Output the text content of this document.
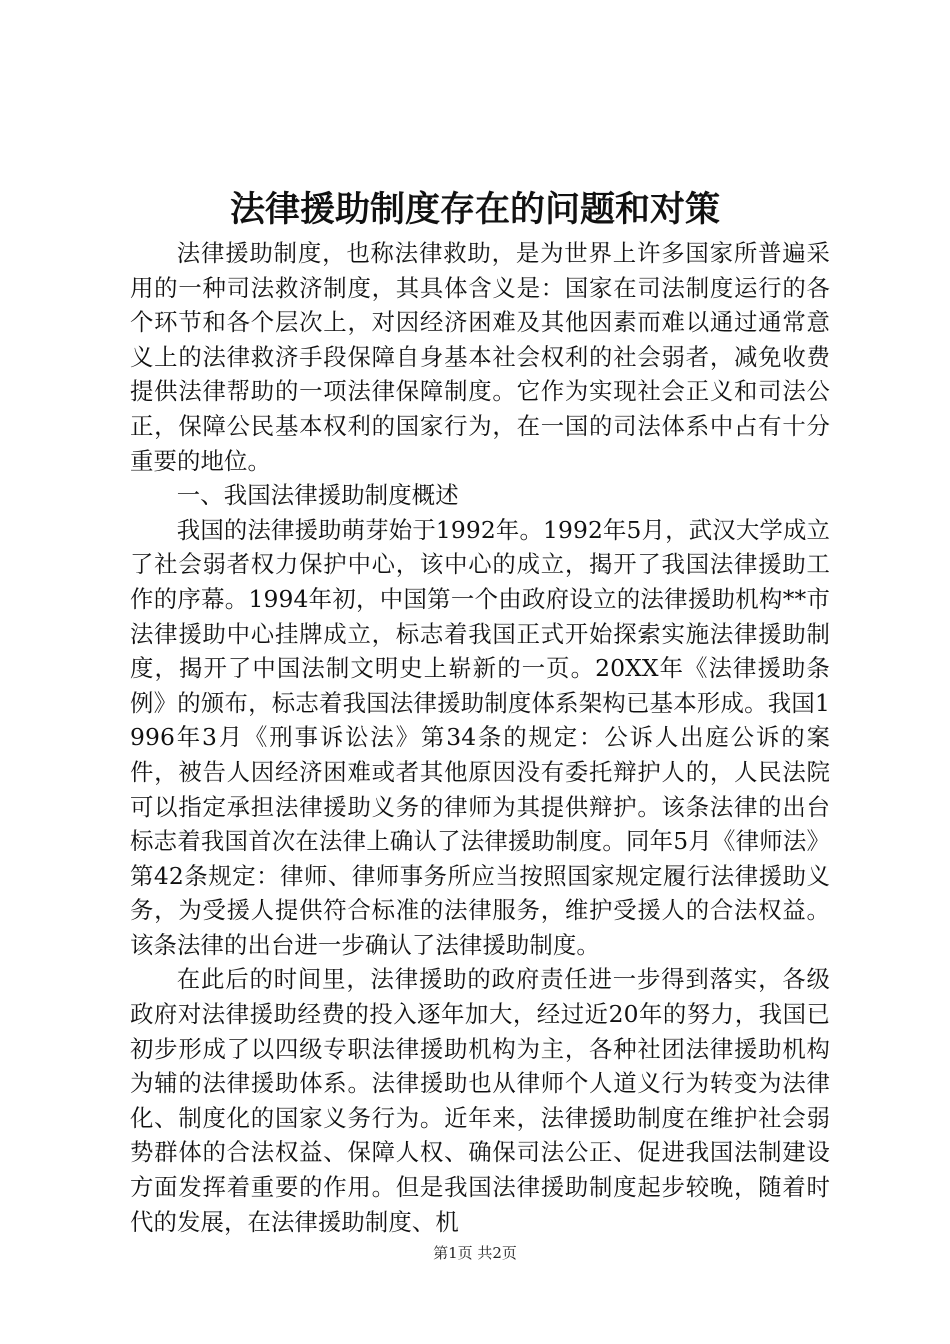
法律援助制度存在的问题和对策

法律援助制度，也称法律救助，是为世界上许多国家所普遍采用的一种司法救济制度，其具体含义是：国家在司法制度运行的各个环节和各个层次上，对因经济困难及其他因素而难以通过通常意义上的法律救济手段保障自身基本社会权利的社会弱者，减免收费提供法律帮助的一项法律保障制度。它作为实现社会正义和司法公正，保障公民基本权利的国家行为，在一国的司法体系中占有十分重要的地位。

一、我国法律援助制度概述

我国的法律援助萌芽始于1992年。1992年5月，武汉大学成立了社会弱者权力保护中心，该中心的成立，揭开了我国法律援助工作的序幕。1994年初，中国第一个由政府设立的法律援助机构**市法律援助中心挂牌成立，标志着我国正式开始探索实施法律援助制度，揭开了中国法制文明史上崭新的一页。20XX年《法律援助条例》的颁布，标志着我国法律援助制度体系架构已基本形成。我国1996年3月《刑事诉讼法》第34条的规定：公诉人出庭公诉的案件，被告人因经济困难或者其他原因没有委托辩护人的，人民法院可以指定承担法律援助义务的律师为其提供辩护。该条法律的出台标志着我国首次在法律上确认了法律援助制度。同年5月《律师法》第42条规定：律师、律师事务所应当按照国家规定履行法律援助义务，为受援人提供符合标准的法律服务，维护受援人的合法权益。该条法律的出台进一步确认了法律援助制度。

在此后的时间里，法律援助的政府责任进一步得到落实，各级政府对法律援助经费的投入逐年加大，经过近20年的努力，我国已初步形成了以四级专职法律援助机构为主，各种社团法律援助机构为辅的法律援助体系。法律援助也从律师个人道义行为转变为法律化、制度化的国家义务行为。近年来，法律援助制度在维护社会弱势群体的合法权益、保障人权、确保司法公正、促进我国法制建设方面发挥着重要的作用。但是我国法律援助制度起步较晚，随着时代的发展，在法律援助制度、机

第1页 共2页
